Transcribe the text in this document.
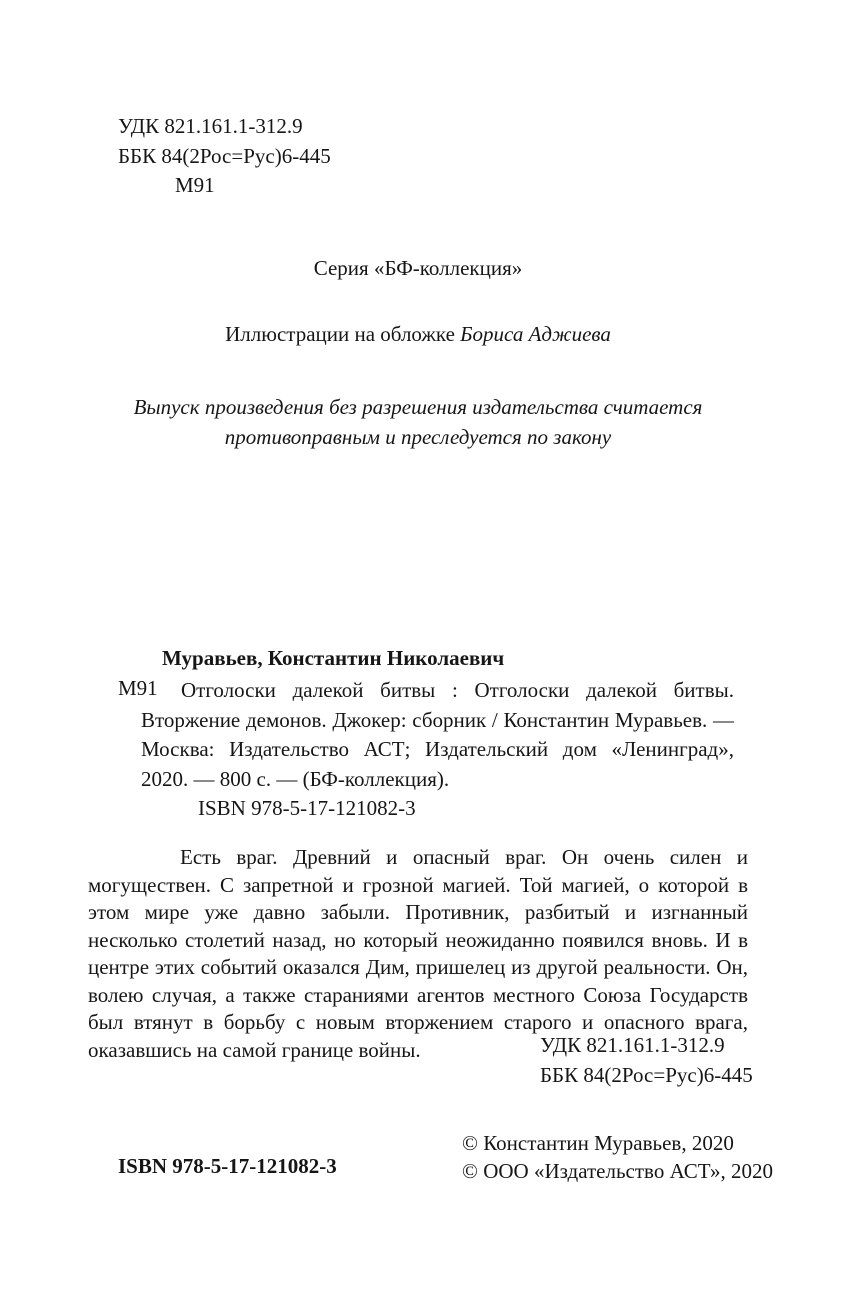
УДК 821.161.1-312.9
ББК 84(2Рос=Рус)6-445
М91
Серия «БФ-коллекция»
Иллюстрации на обложке Бориса Аджиева
Выпуск произведения без разрешения издательства считается
противоправным и преследуется по закону
Муравьев, Константин Николаевич
М91	Отголоски далекой битвы : Отголоски далекой битвы. Вторжение демонов. Джокер: сборник / Константин Муравьев. — Москва: Издательство АСТ; Издательский дом «Ленинград», 2020. — 800 с. — (БФ-коллекция).

ISBN 978-5-17-121082-3

Есть враг. Древний и опасный враг. Он очень силен и могуществен. С запретной и грозной магией. Той магией, о которой в этом мире уже давно забыли. Противник, разбитый и изгнанный несколько столетий назад, но который неожиданно появился вновь. И в центре этих событий оказался Дим, пришелец из другой реальности. Он, волею случая, а также стараниями агентов местного Союза Государств был втянут в борьбу с новым вторжением старого и опасного врага, оказавшись на самой границе войны.	УДК 821.161.1-312.9
ББК 84(2Рос=Рус)6-445
© Константин Муравьев, 2020
© ООО «Издательство АСТ», 2020
ISBN 978-5-17-121082-3
